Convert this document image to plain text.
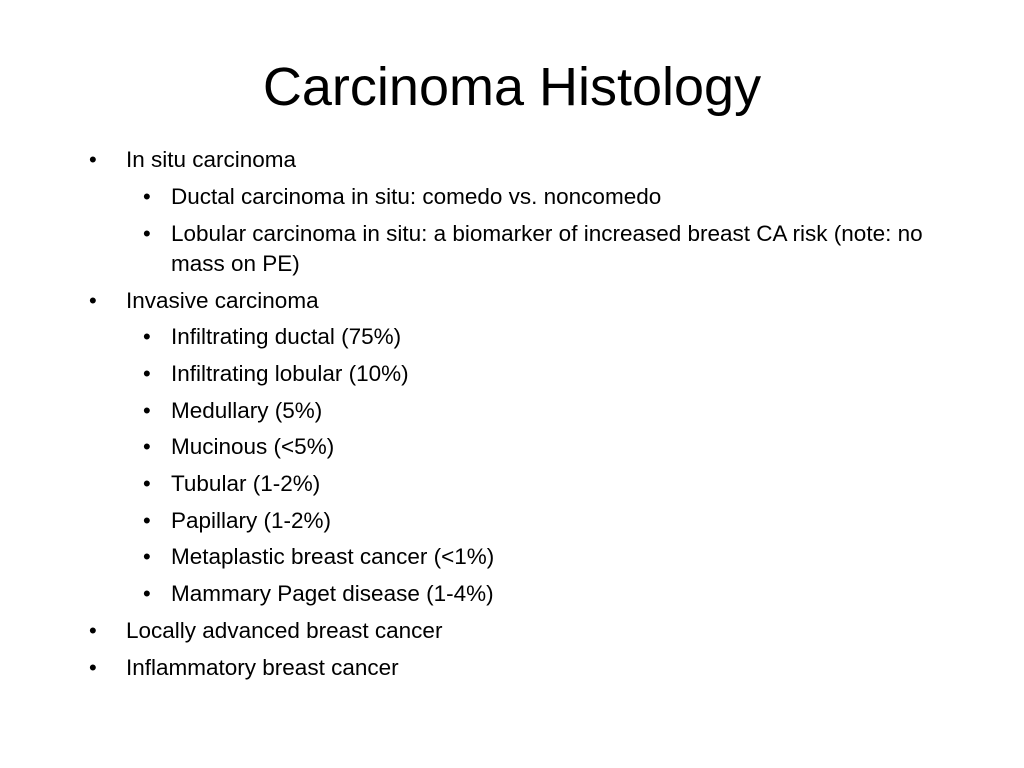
Carcinoma Histology
• In situ carcinoma
• Ductal carcinoma in situ: comedo vs. noncomedo
• Lobular carcinoma in situ: a biomarker of increased breast CA risk (note: no mass on PE)
• Invasive carcinoma
• Infiltrating ductal (75%)
• Infiltrating lobular (10%)
• Medullary (5%)
• Mucinous (<5%)
• Tubular (1-2%)
• Papillary (1-2%)
• Metaplastic breast cancer (<1%)
• Mammary Paget disease (1-4%)
• Locally advanced breast cancer
• Inflammatory breast cancer
